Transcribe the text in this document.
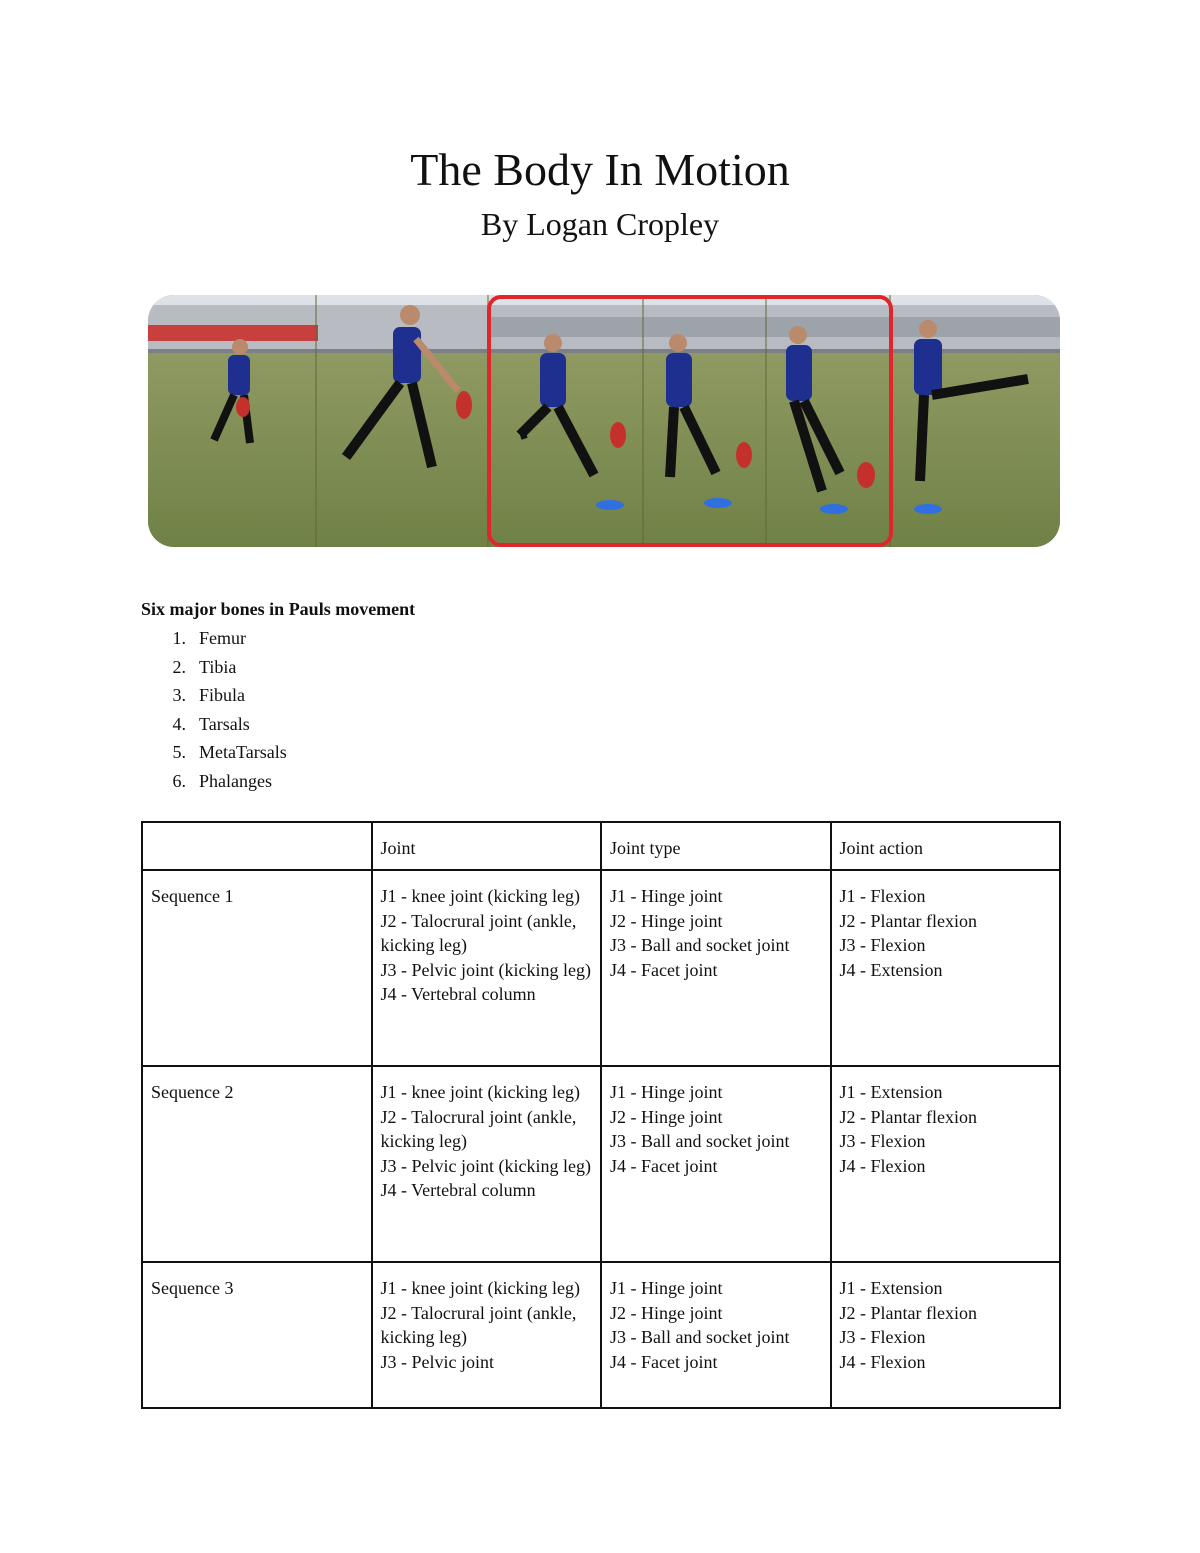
The Body In Motion
By Logan Cropley
Six major bones in Pauls movement
1. Femur
2. Tibia
3. Fibula
4. Tarsals
5. MetaTarsals
6. Phalanges
	Joint	Joint type	Joint action
Sequence 1	J1 - knee joint (kicking leg)
J2 - Talocrural joint (ankle, kicking leg)
J3 - Pelvic joint (kicking leg)
J4 - Vertebral column	J1 - Hinge joint
J2 - Hinge joint
J3 - Ball and socket joint
J4 - Facet joint	J1 - Flexion
J2 - Plantar flexion
J3 - Flexion
J4 - Extension

Sequence 2	J1 - knee joint (kicking leg)
J2 - Talocrural joint (ankle, kicking leg)
J3 - Pelvic joint (kicking leg)
J4 - Vertebral column	J1 - Hinge joint
J2 - Hinge joint
J3 - Ball and socket joint
J4 - Facet joint	J1 - Extension
J2 - Plantar flexion
J3 - Flexion
J4 - Flexion

Sequence 3	J1 - knee joint (kicking leg)
J2 - Talocrural joint (ankle, kicking leg)
J3 - Pelvic joint	J1 - Hinge joint
J2 - Hinge joint
J3 - Ball and socket joint
J4 - Facet joint	J1 - Extension
J2 - Plantar flexion
J3 - Flexion
J4 - Flexion
